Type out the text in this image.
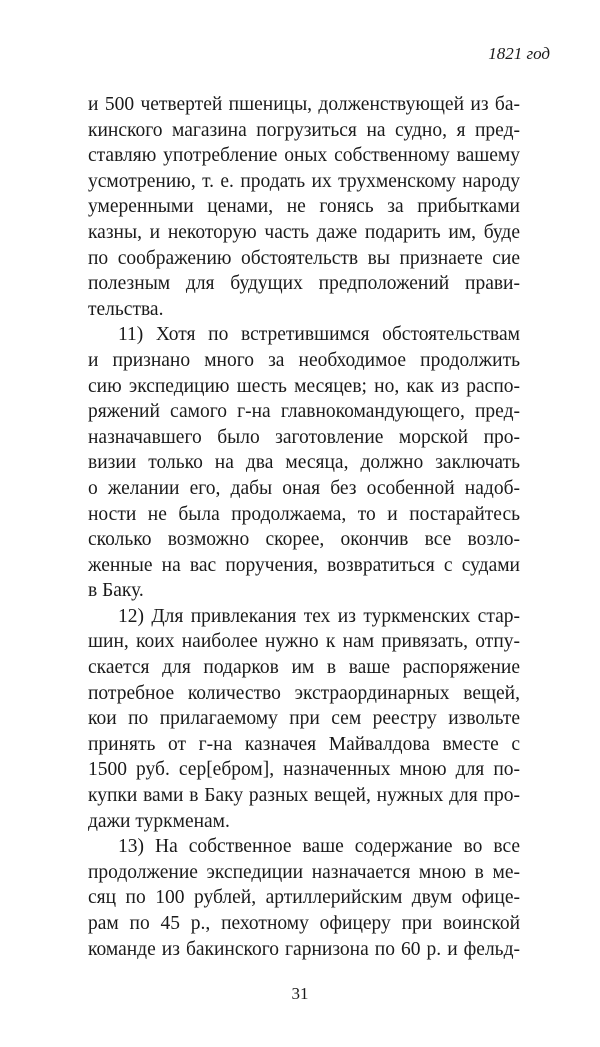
1821 год
и 500 четвертей пшеницы, долженствующей из ба-
кинского магазина погрузиться на судно, я пред-
ставляю употребление оных собственному вашему
усмотрению, т. е. продать их трухменскому народу
умеренными ценами, не гонясь за прибытками
казны, и некоторую часть даже подарить им, буде
по соображению обстоятельств вы признаете сие
полезным для будущих предположений прави-
тельства.
11) Хотя по встретившимся обстоятельствам
и признано много за необходимое продолжить
сию экспедицию шесть месяцев; но, как из распо-
ряжений самого г-на главнокомандующего, пред-
назначавшего было заготовление морской про-
визии только на два месяца, должно заключать
о желании его, дабы оная без особенной надоб-
ности не была продолжаема, то и постарайтесь
сколько возможно скорее, окончив все возло-
женные на вас поручения, возвратиться с судами
в Баку.
12) Для привлекания тех из туркменских стар-
шин, коих наиболее нужно к нам привязать, отпу-
скается для подарков им в ваше распоряжение
потребное количество экстраординарных вещей,
кои по прилагаемому при сем реестру извольте
принять от г-на казначея Майвалдова вместе с
1500 руб. сер[ебром], назначенных мною для по-
купки вами в Баку разных вещей, нужных для про-
дажи туркменам.
13) На собственное ваше содержание во все
продолжение экспедиции назначается мною в ме-
сяц по 100 рублей, артиллерийским двум офице-
рам по 45 р., пехотному офицеру при воинской
команде из бакинского гарнизона по 60 р. и фельд-
31
